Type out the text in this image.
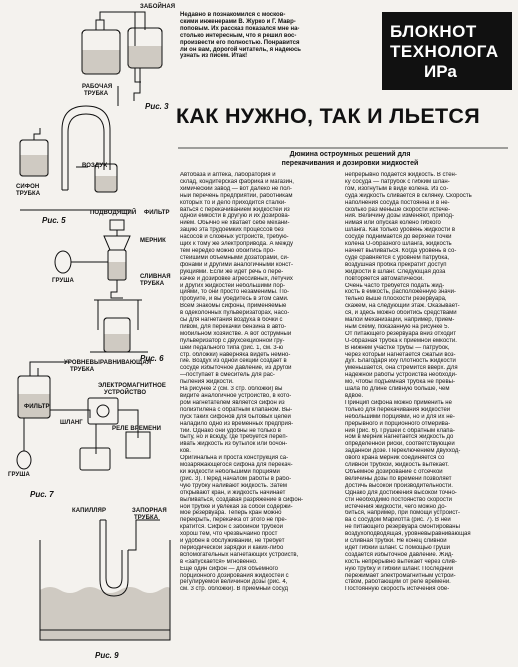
БЛОКНОТ
ТЕХНОЛОГА
ИРа
Недавно в познакомился с москов-
скими инженерами В. Журко и Г. Мавр-
поповым. Их рассказ показался мне на-
столько интересным, что я решил вос-
произвести его полностью. Понравится
ли он вам, дорогой читатель, я надеюсь
узнать из писем. Итак!
КАК НУЖНО, ТАК И ЛЬЕТСЯ
Дюжина остроумных решений для
перекачивания и дозировки жидкостей
Автобаза и аптека, лаборатория и
склад, кондитерская фабрика и магазин,
химический завод — вот далеко не пол-
ный перечень предприятий, работникам
которых то и дело приходится сталки-
ваться с перекачиванием жидкостей из
одной емкости в другую и их дозирова-
нием. Обычно не хватает себе механи-
зацию эта трудоемких процессов без
насосов и сложных устройств, требую-
щих к тому же электропривода. А между
тем нередко можно обойтись про-
стейшими объемными дозаторами, си-
фонами и другими аналогичными конст-
рукциями. Если же идет речь о пере-
качке и дозировке агрессивных, летучих
и других жидкостей небольшими пор-
циями, то они просто незаменимы. По-
пробуйте, и вы убедитесь в этом сами.
Всем знакомы сифоны, применяемые
в одеколонных пульверизаторах, насо-
сы для нагнетания воздуха в бочки с
пивом, для перекачки бензина в авто-
мобильном хозяйстве. А вот острумный
пульверизатор с двухсекционной гру-
шей педального типа (рис. 1, см. 3-ю
стр. обложки) наверняка видеть немно-
гие. Воздух из одной секции создает в
сосуде избыточное давление, из другой
—поступает в смеситель для рас-
пыления жидкости.
На рисунке 2 (см. 3 стр. обложки) вы
видите аналогичное устройство, в кото-
ром нагнетателем является сифон из
полиэтилена с обратным клапаном. Вы-
пуск таких сифонов для бытовых целей
наладило одно из временных предприя-
тий. Однако они удобны не только в
быту, но и всюду, где требуется переп-
ивать жидкость из бутылок или бочон-
ков.
Оригинальна и проста конструкция са-
мозаряжающегося сифона для перекач-
ки жидкости небольшими порциями
(рис. 3). Перед началом работы в рабо-
чую трубку наливают жидкость. Затем
открывают кран, и жидкость начинает
выливаться, создавая разряжение в сифон-
ной трубке и увлекая за собой содержи-
мое резервуара. Теперь кран можно
перекрыть, перекачка от этого не пре-
кратится. Сифон с забойной трубкой
хорош тем, что чрезвычайно прост
и удобен в обслуживании, не требует
периодической зарядки и каких-либо
вспомогательных нагнетающих устройств,
в «запускается» мгновенно.
Еще один сифон — для объемного
порционного дозирования жидкостей с
регулируемой величиной дозы (рис. 4,
см. 3 стр. обложки). В приемный сосуд
непрерывно подается жидкость. В стен-
ку сосуда — патрубок с гибким шлан-
гом, изогнутым в виде колена. Из со-
суда жидкость сливается в склянку. Скорость
наполнения сосуда постоянна и в не-
сколько раз меньше скорости истече-
ния. Величину дозы изменяют, припод-
нимая или опуская колено гибкого
шланга. Как только уровень жидкости в
сосуде поднимается до верхней точки
колена U-образного шланга, жидкость
начнет выливаться. Когда уровень в со-
суде сравняется с уровнем патрубка,
воздушная пробка прекратит доступ
жидкости в шланг. Следующая доза
повторяется автоматически.
Очень часто требуется подать жид-
кость в емкость, расположенную значи-
тельно выше плоскости резервуара,
скажем, на следующий этаж. Оказывает-
ся, и здесь можно обойтись средствами
малой механизации, например, прием-
ным схему, показанную на рисунке 5.
От питающего резервуара вниз отходит
U-образная трубка к приемной емкости.
В нижнем участке трубы — патрубок,
через который нагнетается сжатый воз-
дух. Благодаря иху плотность жидкости
уменьшается, она стремится вверх. Для
надежной работы устройства необходи-
мо, чтобы подъемная трубка не превы-
шала по длине сливную больше, чем
вдвое.
Принцип сифона можно применить не
только для перекачивания жидкостей
небольшими порциями, но и для их не-
прерывного и порционного отмерива-
ния (рис. 6). Грушей с обратным клапа-
ном в мерник нагнетается жидкость до
определенной риски, соответствующей
заданной дозе. Переключением двухход-
ового крана мерник соединяется со
сливной трубкой, жидкость вытекает.
Объемное дозирование с отсечкой
величины дозы по времени позволяет
достичь высокой производительности.
Однако для достижения высокой точно-
сти необходимо постоянство скорости
истечения жидкости, чего можно до-
биться, например, при помощи устройст-
ва с сосудом Мариотта (рис. 7). В ней
не питающего резервуара смонтированы
воздухоподводящая, уровневыравнивающая
и сливная трубки. Не конец сливной
идет гибкий шланг. С помощью груши
создается избыточное давление. Жид-
кость непрерывно вытекает через слив-
ную трубку и гибкий шланг. Последний
пережимает электромагнитным устрой-
ством, работающим от реле времени.
Постоянную скорость истечения обе-
Рис. 3
Рис. 5
Рис. 6
Рис. 7
Рис. 9
ЗАБОЙНАЯ
РАБОЧАЯ
ТРУБКА
СИФОН
ТРУБКА
ВОЗДУХ
ПОДВОДЯЩИЙ ФИЛЬТР
МЕРНИК
СЛИВНАЯ
ТРУБКА
ГРУША
УРОВНЕВЫРАВНИВАЮЩАЯ
ТРУБКА
ЭЛЕКТРОМАГНИТНОЕ
УСТРОЙСТВО
ШЛАНГ
РЕЛЕ ВРЕМЕНИ
ГРУША
ФИЛЬТР
КАПИЛЛЯР	ЗАПОРНАЯ
ТРУБКА
